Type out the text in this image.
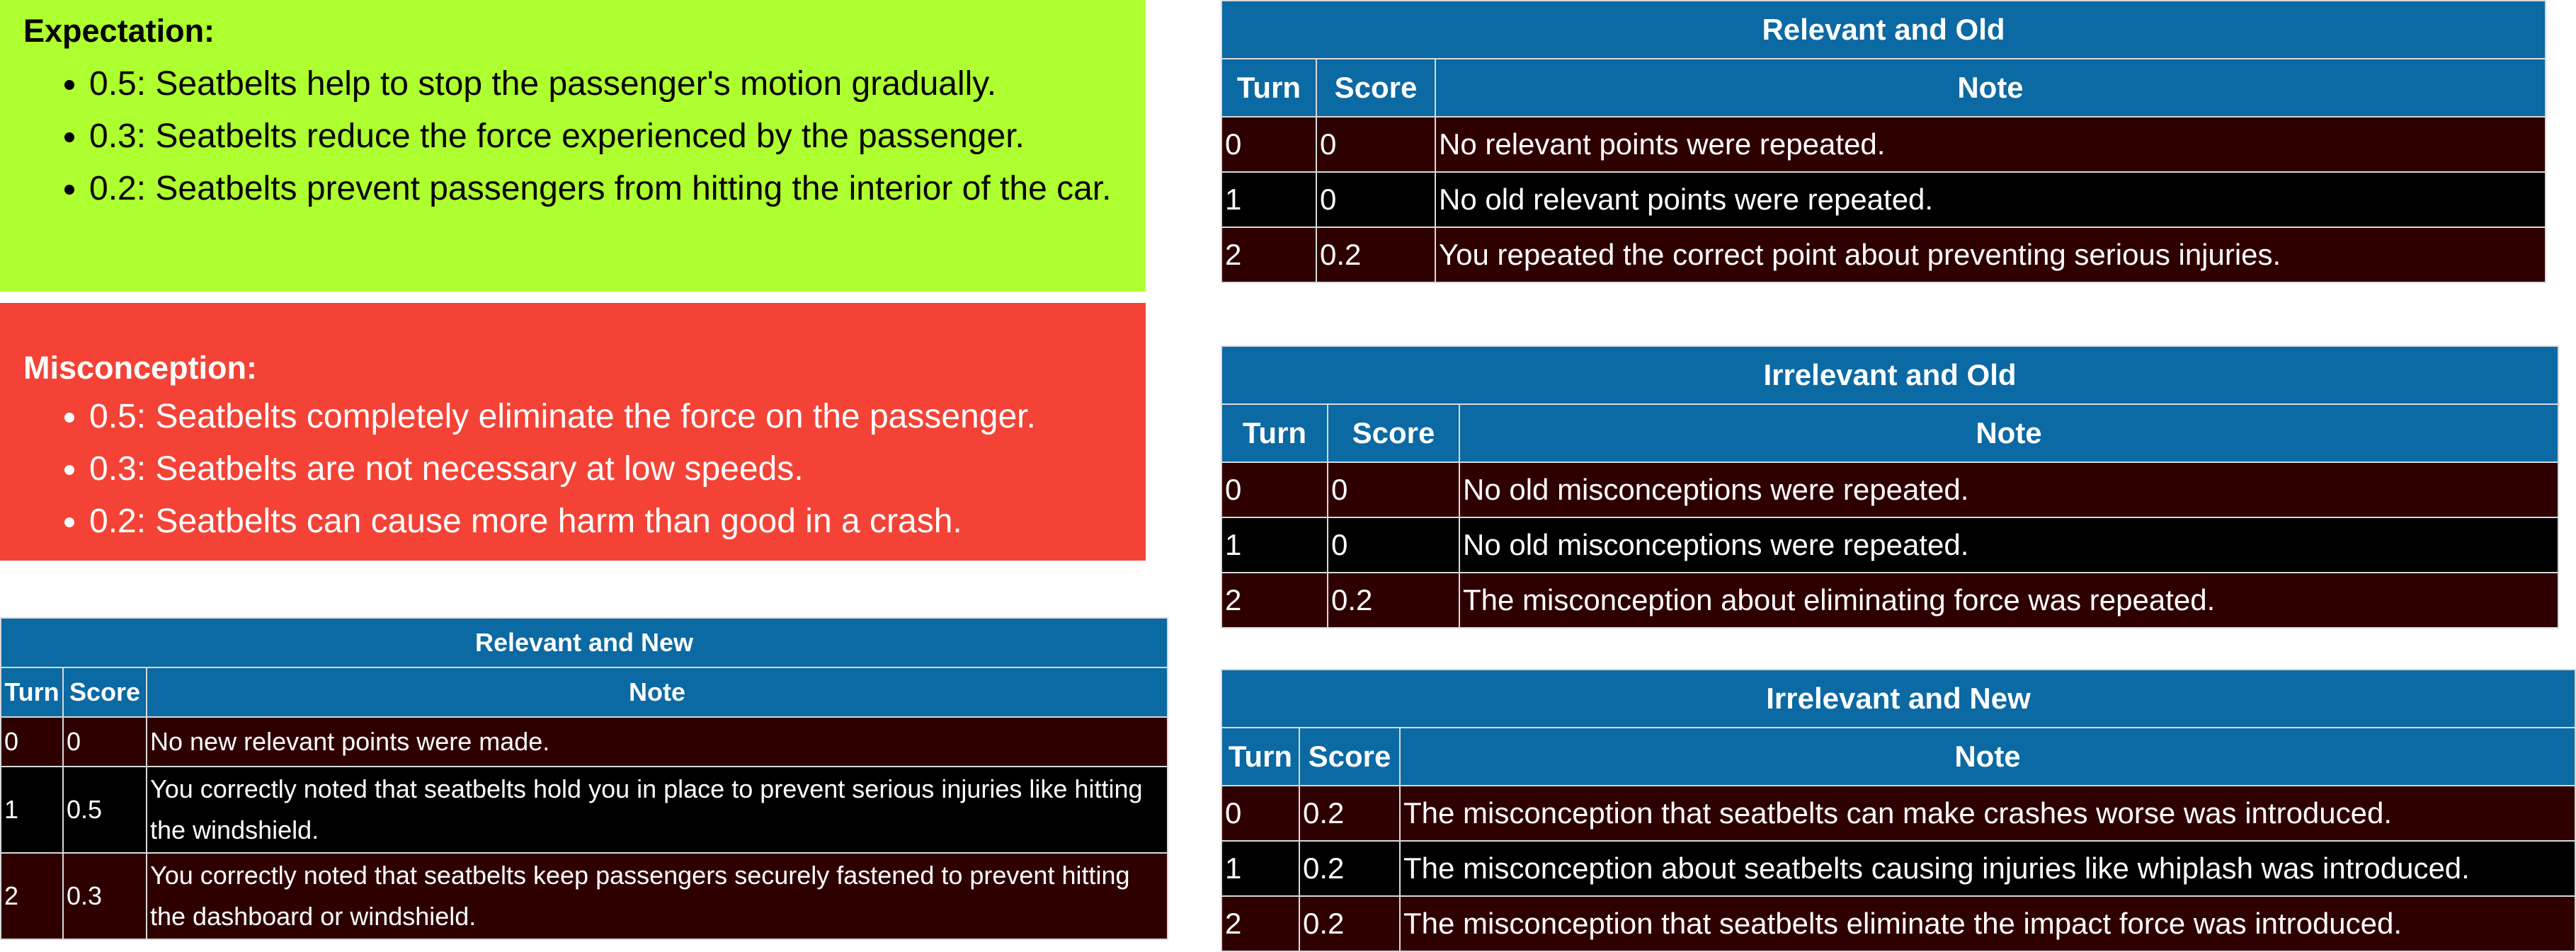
Expectation:
• 0.5: Seatbelts help to stop the passenger's motion gradually.
• 0.3: Seatbelts reduce the force experienced by the passenger.
• 0.2: Seatbelts prevent passengers from hitting the interior of the car.
Misconception:
• 0.5: Seatbelts completely eliminate the force on the passenger.
• 0.3: Seatbelts are not necessary at low speeds.
• 0.2: Seatbelts can cause more harm than good in a crash.
Relevant and Old		
Turn	Score	Note
0	0	No relevant points were repeated.
1	0	No old relevant points were repeated.
2	0.2	You repeated the correct point about preventing serious injuries.
Irrelevant and Old		
Turn	Score	Note
0	0	No old misconceptions were repeated.
1	0	No old misconceptions were repeated.
2	0.2	The misconception about eliminating force was repeated.
Irrelevant and New		
Turn	Score	Note
0	0.2	The misconception that seatbelts can make crashes worse was introduced.
1	0.2	The misconception about seatbelts causing injuries like whiplash was introduced.
2	0.2	The misconception that seatbelts eliminate the impact force was introduced.
Relevant and New		
Turn	Score	Note
0	0	No new relevant points were made.
1	0.5	You correctly noted that seatbelts hold you in place to prevent serious injuries like hitting the windshield.
2	0.3	You correctly noted that seatbelts keep passengers securely fastened to prevent hitting the dashboard or windshield.
